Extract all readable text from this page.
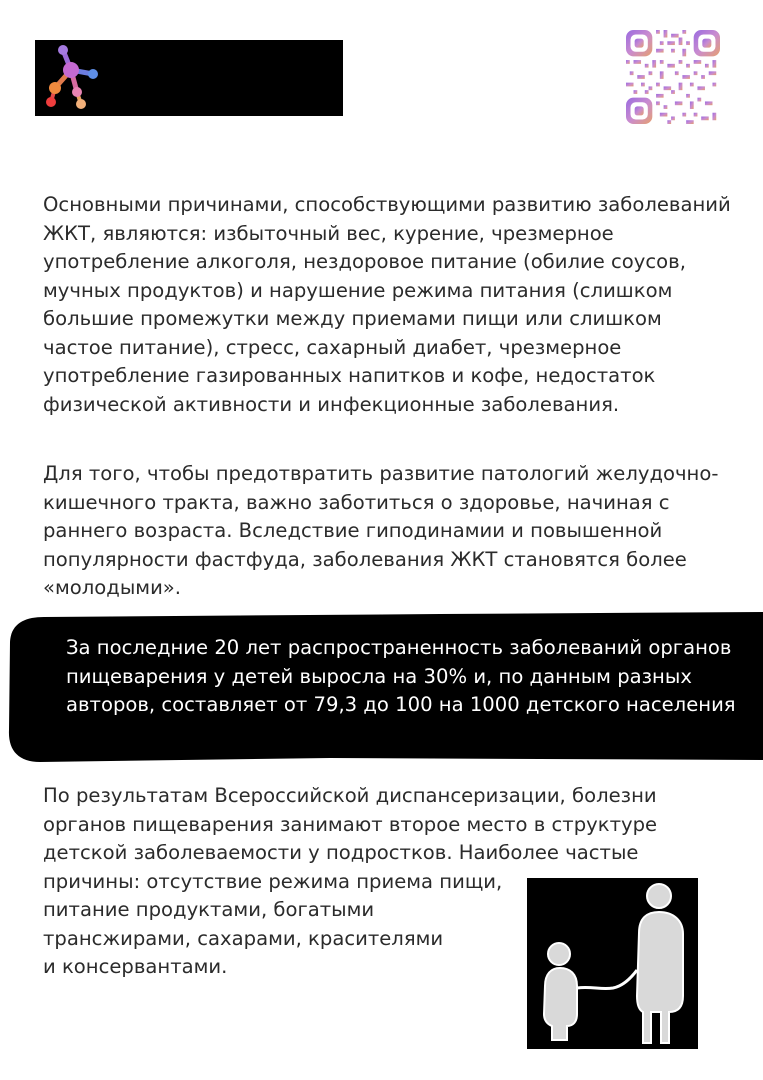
Основными причинами, способствующими развитию заболеваний ЖКТ, являются: избыточный вес, курение, чрезмерное употребление алкоголя, нездоровое питание (обилие соусов, мучных продуктов) и нарушение режима питания (слишком большие промежутки между приемами пищи или слишком частое питание), стресс, сахарный диабет, чрезмерное употребление газированных напитков и кофе, недостаток физической активности и инфекционные заболевания.

Для того, чтобы предотвратить развитие патологий желудочно-кишечного тракта, важно заботиться о здоровье, начиная с раннего возраста. Вследствие гиподинамии и повышенной популярности фастфуда, заболевания ЖКТ становятся более «молодыми».

За последние 20 лет распространенность заболеваний органов пищеварения у детей выросла на 30% и, по данным разных авторов, составляет от 79,3 до 100 на 1000 детского населения

По результатам Всероссийской диспансеризации, болезни
органов пищеварения занимают второе место в структуре
детской заболеваемости у подростков. Наиболее частые
причины: отсутствие режима приема пищи,
питание продуктами, богатыми
трансжирами, сахарами, красителями
и консервантами.
